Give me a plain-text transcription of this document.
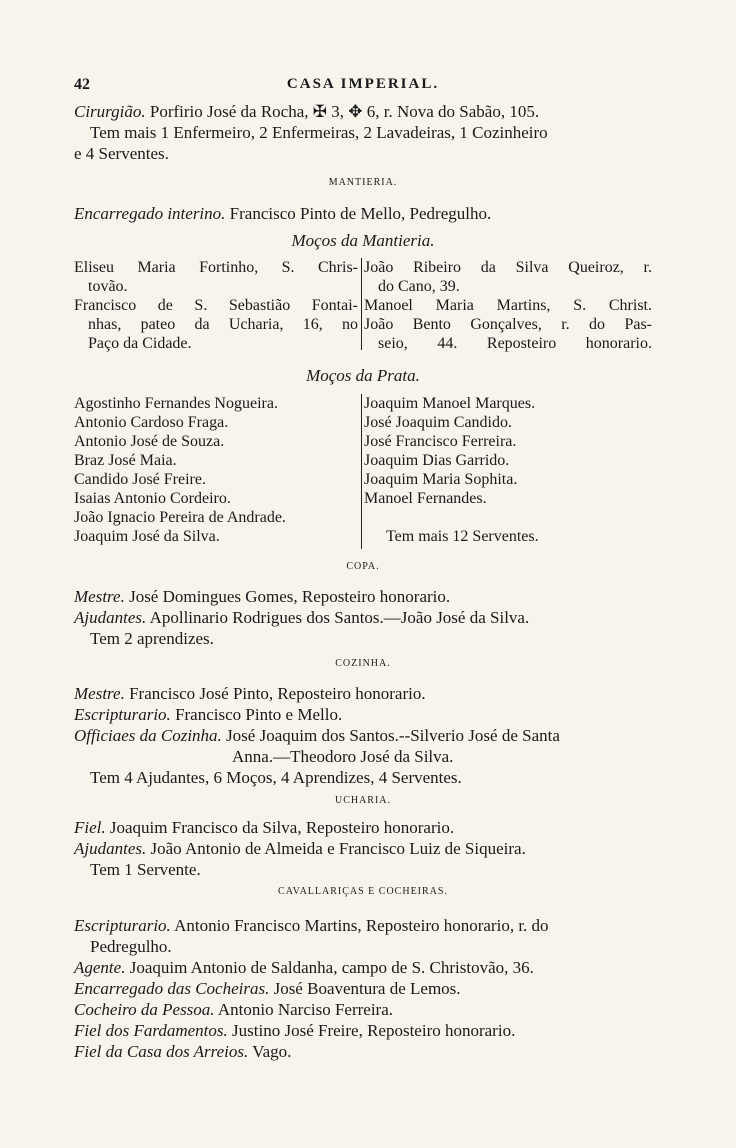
42	CASA IMPERIAL.
Cirurgião. Porfirio José da Rocha, ✠ 3, ✥ 6, r. Nova do Sabão, 105.
Tem mais 1 Enfermeiro, 2 Enfermeiras, 2 Lavadeiras, 1 Cozinheiro
e 4 Serventes.
MANTIERIA.
Encarregado interino. Francisco Pinto de Mello, Pedregulho.
Moços da Mantieria.
Eliseu Maria Fortinho, S. Chris-
tovão.
Francisco de S. Sebastião Fontai-
nhas, pateo da Ucharia, 16, no
Paço da Cidade.
João Ribeiro da Silva Queiroz, r.
do Cano, 39.
Manoel Maria Martins, S. Christ.
João Bento Gonçalves, r. do Pas-
seio, 44. Reposteiro honorario.
Moços da Prata.
Agostinho Fernandes Nogueira.
Antonio Cardoso Fraga.
Antonio José de Souza.
Braz José Maia.
Candido José Freire.
Isaias Antonio Cordeiro.
João Ignacio Pereira de Andrade.
Joaquim José da Silva.
Joaquim Manoel Marques.
José Joaquim Candido.
José Francisco Ferreira.
Joaquim Dias Garrido.
Joaquim Maria Sophita.
Manoel Fernandes.
Tem mais 12 Serventes.
COPA.
Mestre. José Domingues Gomes, Reposteiro honorario.
Ajudantes. Apollinario Rodrigues dos Santos.—João José da Silva.
Tem 2 aprendizes.
COZINHA.
Mestre. Francisco José Pinto, Reposteiro honorario.
Escripturario. Francisco Pinto e Mello.
Officiaes da Cozinha. José Joaquim dos Santos.--Silverio José de Santa
Anna.—Theodoro José da Silva.
Tem 4 Ajudantes, 6 Moços, 4 Aprendizes, 4 Serventes.
UCHARIA.
Fiel. Joaquim Francisco da Silva, Reposteiro honorario.
Ajudantes. João Antonio de Almeida e Francisco Luiz de Siqueira.
Tem 1 Servente.
CAVALLARIÇAS E COCHEIRAS.
Escripturario. Antonio Francisco Martins, Reposteiro honorario, r. do
Pedregulho.
Agente. Joaquim Antonio de Saldanha, campo de S. Christovão, 36.
Encarregado das Cocheiras. José Boaventura de Lemos.
Cocheiro da Pessoa. Antonio Narciso Ferreira.
Fiel dos Fardamentos. Justino José Freire, Reposteiro honorario.
Fiel da Casa dos Arreios. Vago.
